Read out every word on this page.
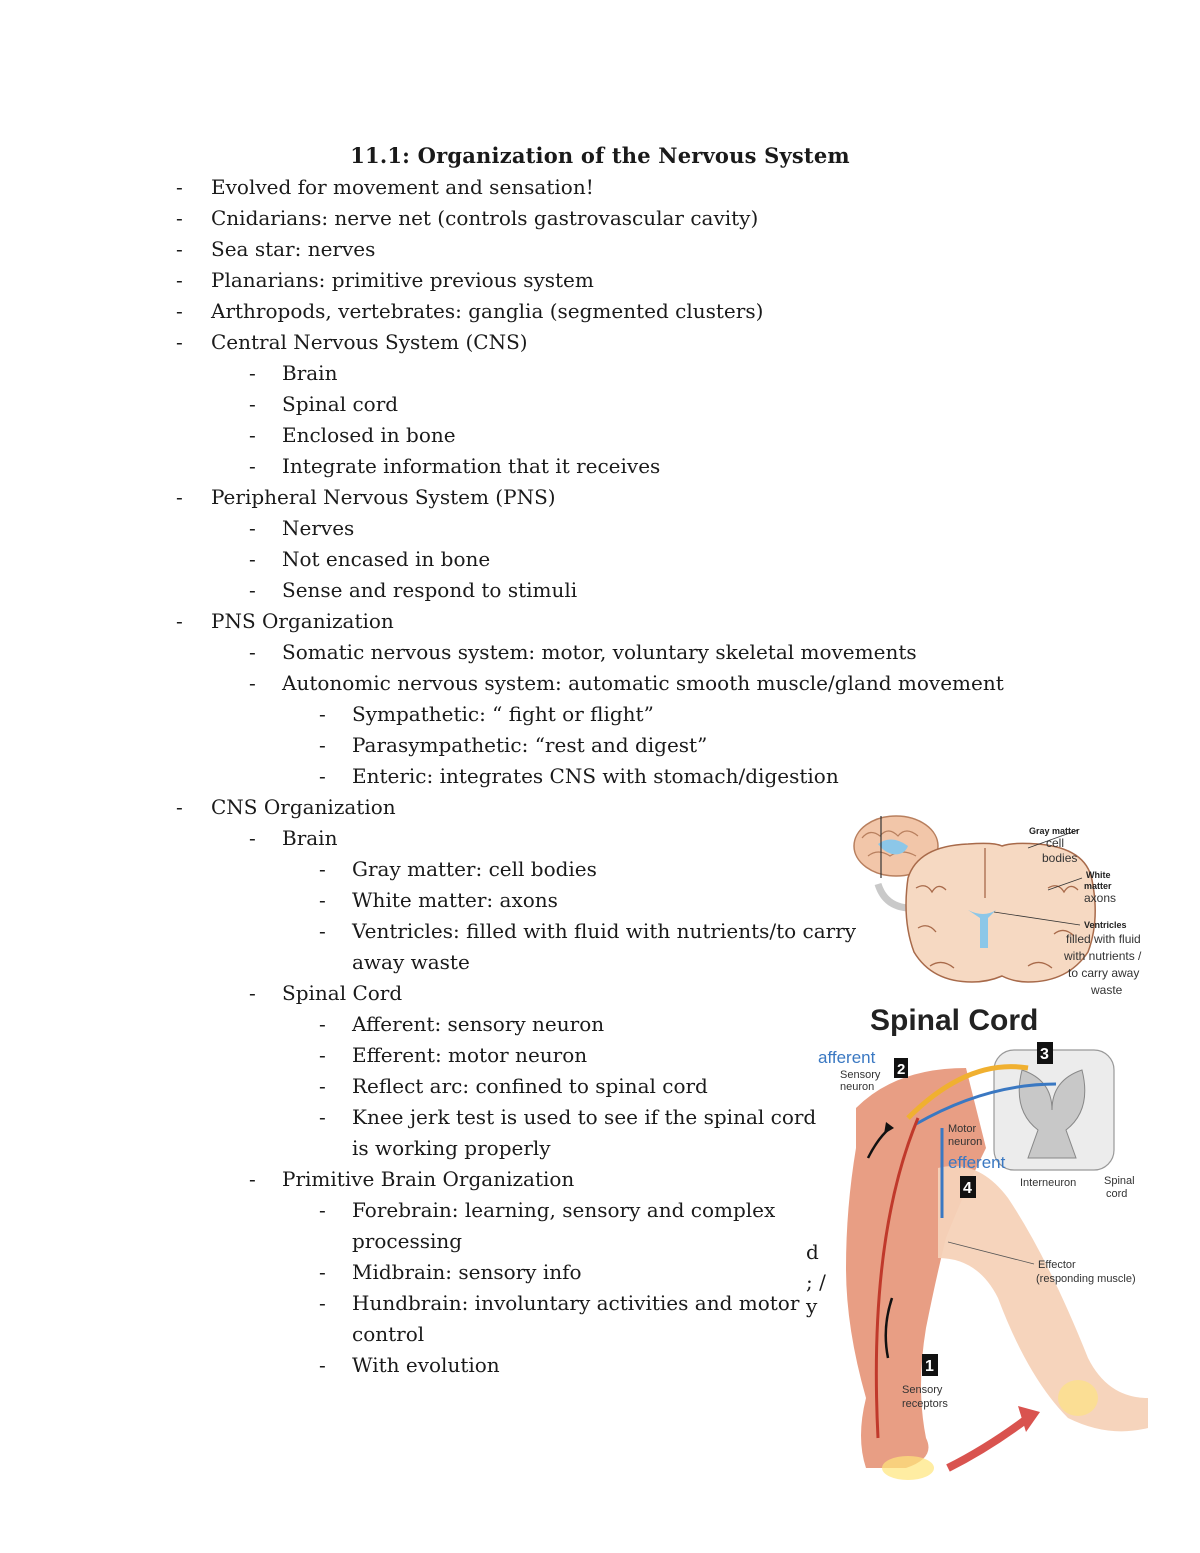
11.1: Organization of the Nervous System
- Evolved for movement and sensation!
- Cnidarians: nerve net (controls gastrovascular cavity)
- Sea star: nerves
- Planarians: primitive previous system
- Arthropods, vertebrates: ganglia (segmented clusters)
- Central Nervous System (CNS)
- Brain
- Spinal cord
- Enclosed in bone
- Integrate information that it receives
- Peripheral Nervous System (PNS)
- Nerves
- Not encased in bone
- Sense and respond to stimuli
- PNS Organization
- Somatic nervous system: motor, voluntary skeletal movements
- Autonomic nervous system: automatic smooth muscle/gland movement
- Sympathetic: “ fight or flight”
- Parasympathetic: “rest and digest”
- Enteric: integrates CNS with stomach/digestion
- CNS Organization
- Brain
- Gray matter: cell bodies
- White matter: axons
- Ventricles: filled with fluid with nutrients/to carry
away waste
- Spinal Cord
- Afferent: sensory neuron
- Efferent: motor neuron
- Reflect arc: confined to spinal cord
- Knee jerk test is used to see if the spinal cord
is working properly
- Primitive Brain Organization
- Forebrain: learning, sensory and complex
processing
- Midbrain: sensory info
- Hundbrain: involuntary activities and motor
control
- With evolution
d
; /
y
Gray matter
cell
bodies
White
matter
axons
Ventricles
filled with fluid
with nutrients /
to carry away
waste
Spinal Cord
afferent
Sensory
neuron
2
3
Motor
neuron
efferent
4	Interneuron	Spinal
cord
Effector
(responding muscle)
1
Sensory
receptors
